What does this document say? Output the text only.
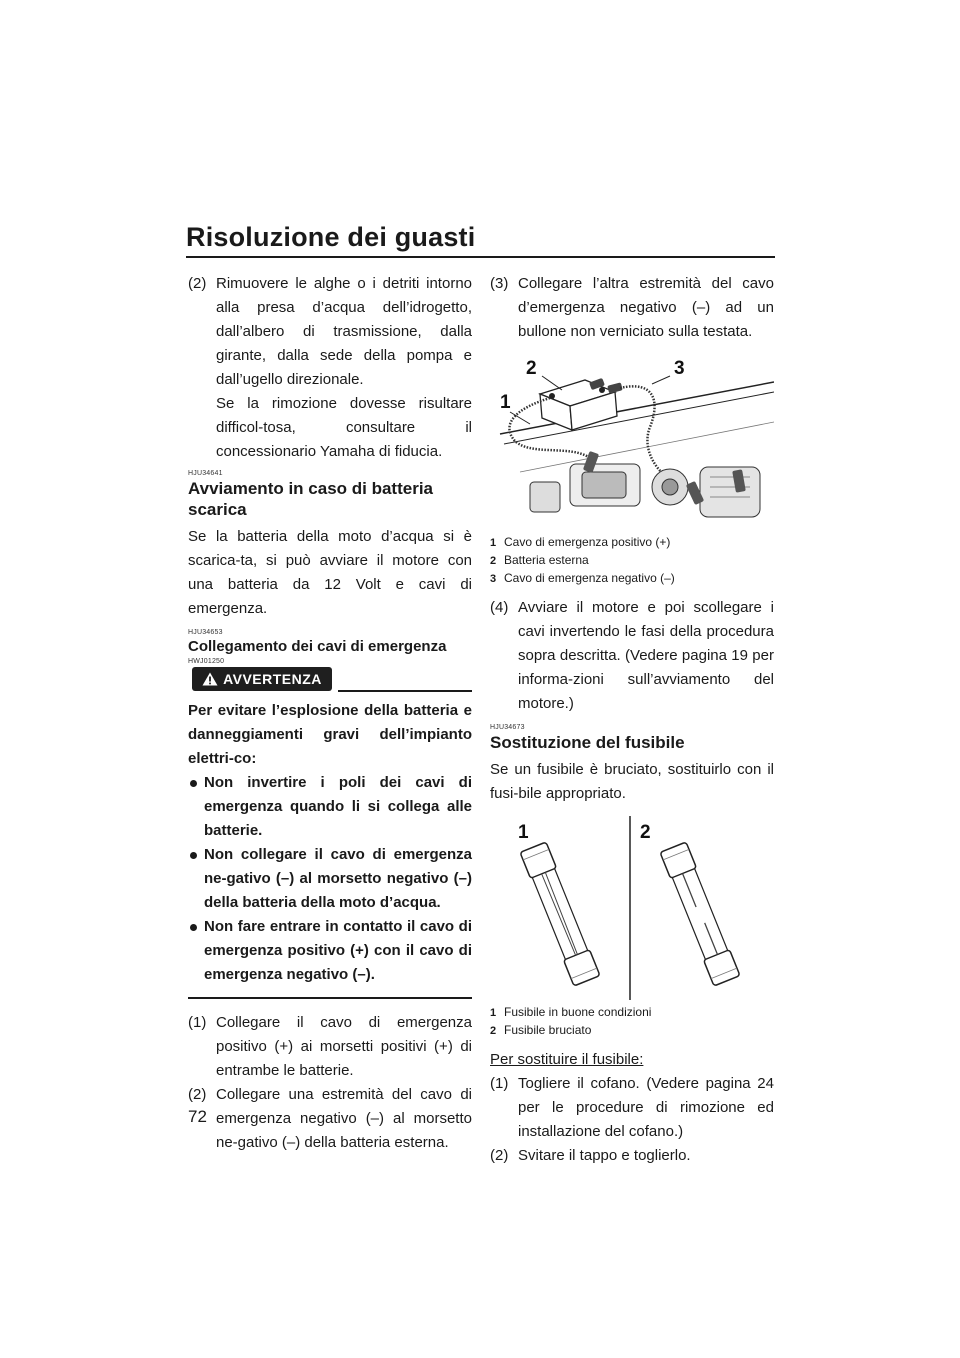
Risoluzione dei guasti
(2) Rimuovere le alghe o i detriti intorno alla presa d’acqua dell’idrogetto, dall’albero di trasmissione, dalla girante, dalla sede della pompa e dall’ugello direzionale.
Se la rimozione dovesse risultare difficol-tosa, consultare il concessionario Yamaha di fiducia.
HJU34641
Avviamento in caso di batteria scarica
Se la batteria della moto d’acqua si è scarica-ta, si può avviare il motore con una batteria da 12 Volt e cavi di emergenza.
HJU34653
Collegamento dei cavi di emergenza
HWJ01250
AVVERTENZA
Per evitare l’esplosione della batteria e danneggiamenti gravi dell’impianto elettri-co:
Non invertire i poli dei cavi di emergenza quando li si collega alle batterie.
Non collegare il cavo di emergenza ne-gativo (–) al morsetto negativo (–) della batteria della moto d’acqua.
Non fare entrare in contatto il cavo di emergenza positivo (+) con il cavo di emergenza negativo (–).
(1) Collegare il cavo di emergenza positivo (+) ai morsetti positivi (+) di entrambe le batterie.
(2) Collegare una estremità del cavo di emergenza negativo (–) al morsetto ne-gativo (–) della batteria esterna.
(3) Collegare l’altra estremità del cavo d’emergenza negativo (–) ad un bullone non verniciato sulla testata.
1
2	3
1 Cavo di emergenza positivo (+)
2 Batteria esterna
3 Cavo di emergenza negativo (–)
(4) Avviare il motore e poi scollegare i cavi invertendo le fasi della procedura sopra descritta. (Vedere pagina 19 per informa-zioni sull’avviamento del motore.)
HJU34673
Sostituzione del fusibile
Se un fusibile è bruciato, sostituirlo con il fusi-bile appropriato.
1	2
1 Fusibile in buone condizioni
2 Fusibile bruciato
Per sostituire il fusibile:
(1) Togliere il cofano. (Vedere pagina 24 per le procedure di rimozione ed installazione del cofano.)
(2) Svitare il tappo e toglierlo.
72
